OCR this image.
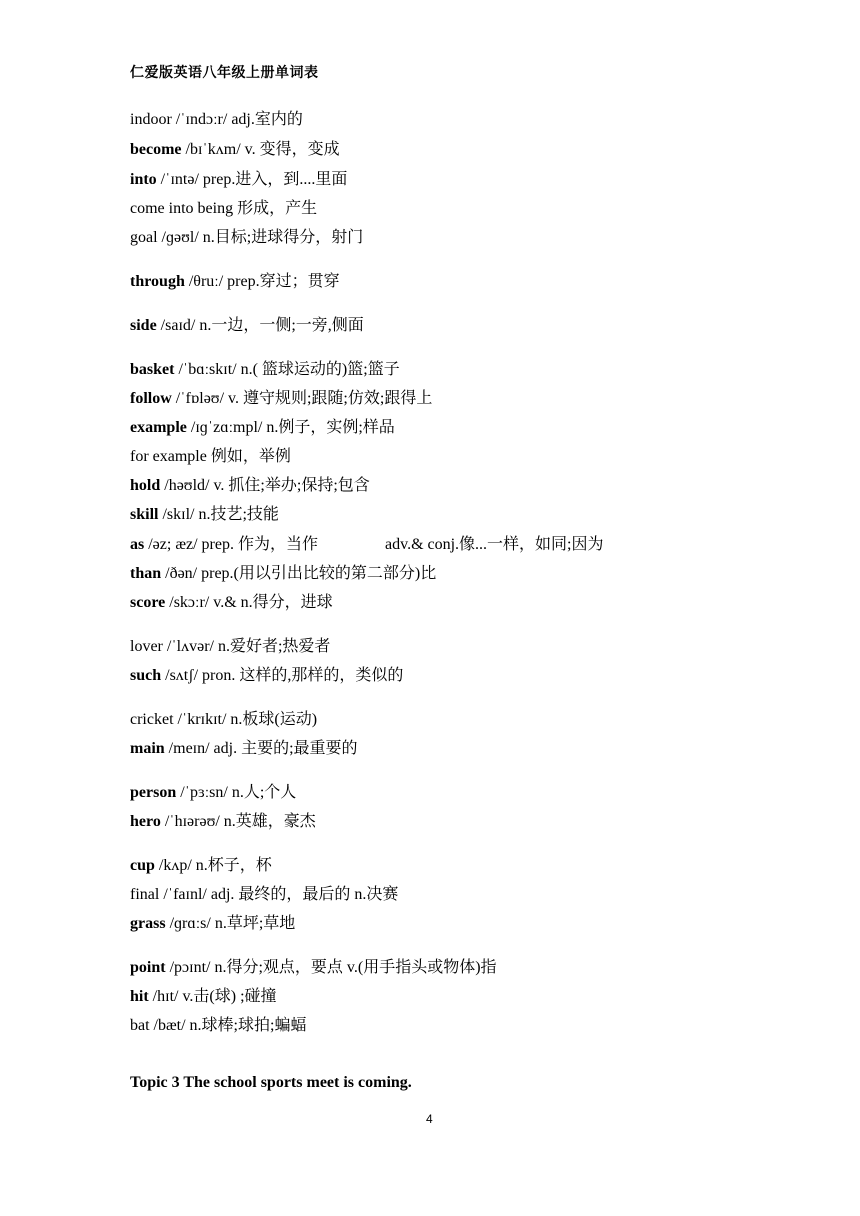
仁爱版英语八年级上册单词表
indoor /ˈɪndɔːr/ adj.室内的
become /bɪˈkʌm/ v. 变得，变成
into /ˈɪntə/ prep.进入，到....里面
come into being 形成，产生
goal /ɡəʊl/ n.目标;进球得分，射门
through /θruː/ prep.穿过；贯穿
side /saɪd/ n.一边，一侧;一旁,侧面
basket /ˈbɑːskɪt/ n.( 篮球运动的)篮;篮子
follow /ˈfɒləʊ/ v. 遵守规则;跟随;仿效;跟得上
example /ɪɡˈzɑːmpl/ n.例子，实例;样品
for example 例如，举例
hold /həʊld/ v. 抓住;举办;保持;包含
skill /skɪl/ n.技艺;技能
as /əz; æz/ prep. 作为，当作	adv.& conj.像...一样，如同;因为
than /ðən/ prep.(用以引出比较的第二部分)比
score /skɔːr/ v.& n.得分，进球
lover /ˈlʌvər/ n.爱好者;热爱者
such /sʌtʃ/ pron. 这样的,那样的，类似的
cricket /ˈkrɪkɪt/ n.板球(运动)
main /meɪn/ adj. 主要的;最重要的
person /ˈpɜːsn/ n.人;个人
hero /ˈhɪərəʊ/ n.英雄，豪杰
cup /kʌp/ n.杯子，杯
final /ˈfaɪnl/ adj. 最终的，最后的 n.决赛
grass /ɡrɑːs/ n.草坪;草地
point /pɔɪnt/ n.得分;观点，要点 v.(用手指头或物体)指
hit /hɪt/ v.击(球) ;碰撞
bat /bæt/ n.球棒;球拍;蝙蝠
Topic 3 The school sports meet is coming.
4
